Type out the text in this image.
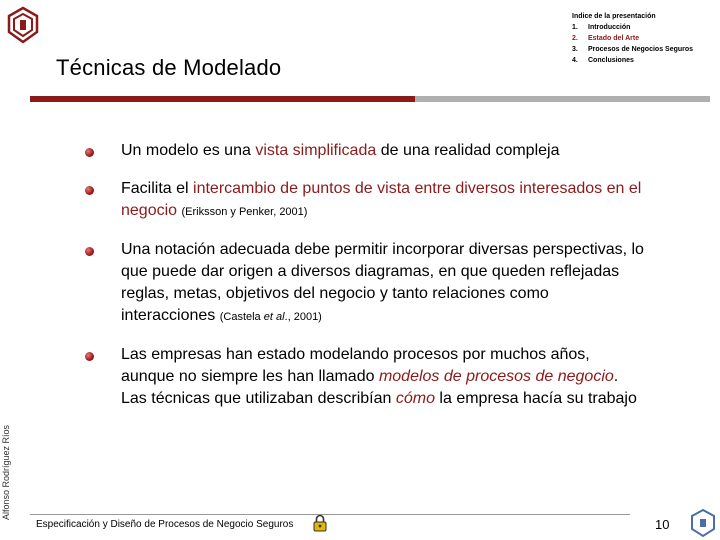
Técnicas de Modelado
Indice de la presentación
1. Introducción
2. Estado del Arte
3. Procesos de Negocios Seguros
4. Conclusiones
Alfonso Rodríguez Ríos
Un modelo es una vista simplificada de una realidad compleja
Facilita el intercambio de puntos de vista entre diversos interesados en el negocio (Eriksson y Penker, 2001)
Una notación adecuada debe permitir incorporar diversas perspectivas, lo que puede dar origen a diversos diagramas, en que queden reflejadas reglas, metas, objetivos del negocio y tanto relaciones como interacciones (Castela et al., 2001)
Las empresas han estado modelando procesos por muchos años, aunque no siempre les han llamado modelos de procesos de negocio. Las técnicas que utilizaban describían cómo la empresa hacía su trabajo
Especificación y Diseño de Procesos de Negocio Seguros	10
